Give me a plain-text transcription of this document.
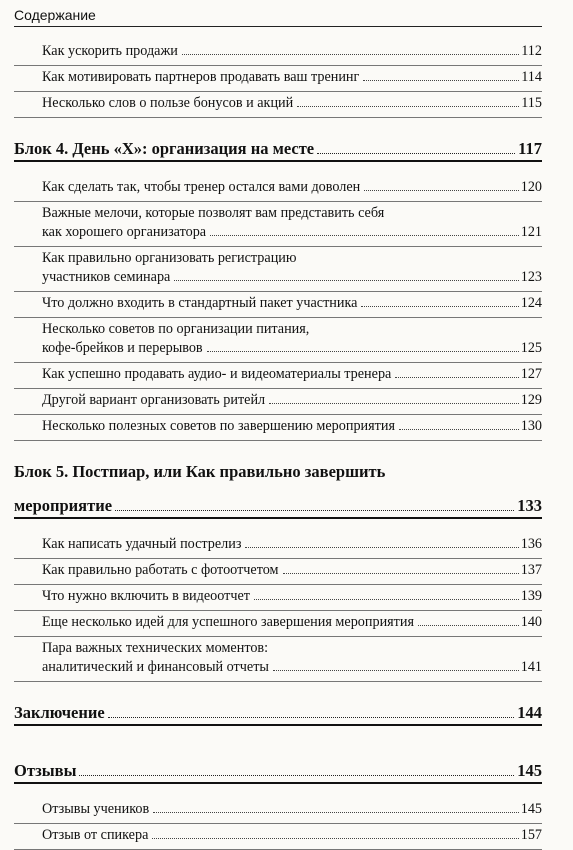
Содержание
Как ускорить продажи	112
Как мотивировать партнеров продавать ваш тренинг	114
Несколько слов о пользе бонусов и акций	115
Блок 4. День «Х»: организация на месте	117
Как сделать так, чтобы тренер остался вами доволен	120
Важные мелочи, которые позволят вам представить себя
как хорошего организатора	121
Как правильно организовать регистрацию
участников семинара	123
Что должно входить в стандартный пакет участника	124
Несколько советов по организации питания,
кофе-брейков и перерывов	125
Как успешно продавать аудио- и видеоматериалы тренера	127
Другой вариант организовать ритейл	129
Несколько полезных советов по завершению мероприятия	130
Блок 5. Постпиар, или Как правильно завершить
мероприятие	133
Как написать удачный пострелиз	136
Как правильно работать с фотоотчетом	137
Что нужно включить в видеоотчет	139
Еще несколько идей для успешного завершения мероприятия	140
Пара важных технических моментов:
аналитический и финансовый отчеты	141
Заключение	144
Отзывы	145
Отзывы учеников	145
Отзыв от спикера	157
